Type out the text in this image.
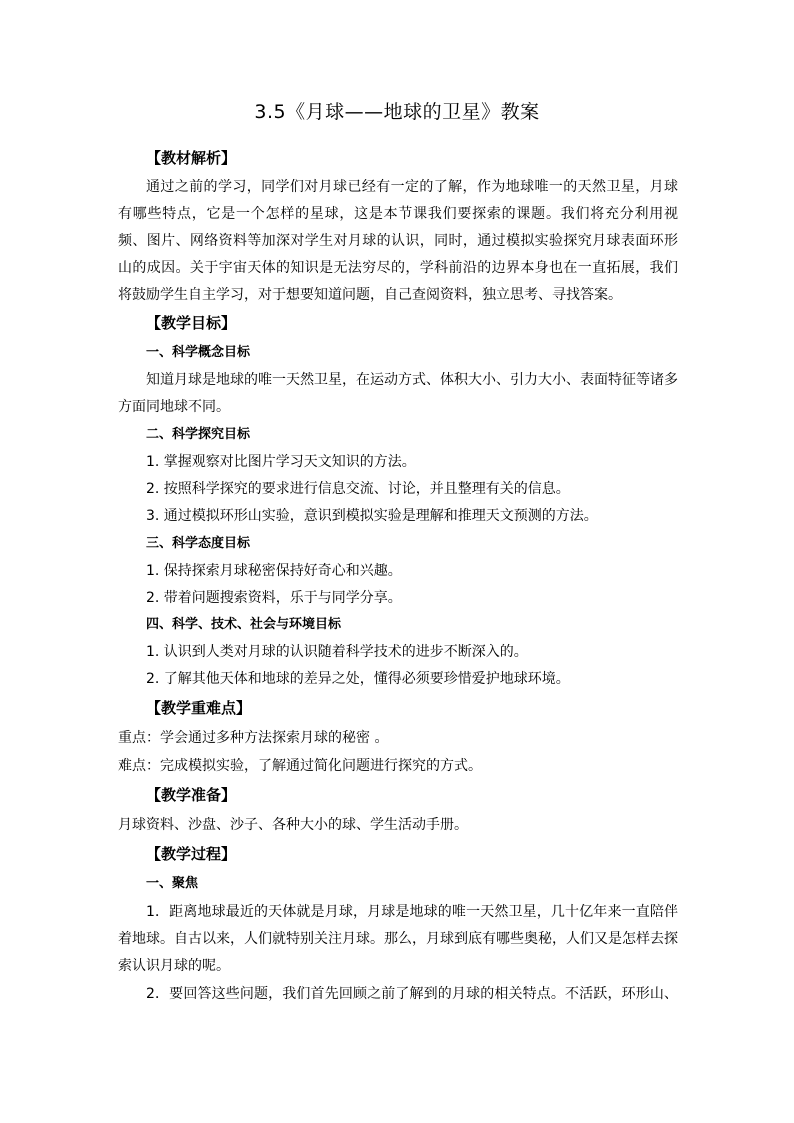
3.5《月球——地球的卫星》教案
【教材解析】
通过之前的学习，同学们对月球已经有一定的了解，作为地球唯一的天然卫星，月球
有哪些特点，它是一个怎样的星球，这是本节课我们要探索的课题。我们将充分利用视
频、图片、网络资料等加深对学生对月球的认识，同时，通过模拟实验探究月球表面环形
山的成因。关于宇宙天体的知识是无法穷尽的，学科前沿的边界本身也在一直拓展，我们
将鼓励学生自主学习，对于想要知道问题，自己查阅资料，独立思考、寻找答案。
【教学目标】
一、科学概念目标
知道月球是地球的唯一天然卫星，在运动方式、体积大小、引力大小、表面特征等诸多
方面同地球不同。
二、科学探究目标
1. 掌握观察对比图片学习天文知识的方法。
2. 按照科学探究的要求进行信息交流、讨论，并且整理有关的信息。
3. 通过模拟环形山实验，意识到模拟实验是理解和推理天文预测的方法。
三、科学态度目标
1. 保持探索月球秘密保持好奇心和兴趣。
2. 带着问题搜索资料，乐于与同学分享。
四、科学、技术、社会与环境目标
1. 认识到人类对月球的认识随着科学技术的进步不断深入的。
2. 了解其他天体和地球的差异之处，懂得必须要珍惜爱护地球环境。
【教学重难点】
重点：学会通过多种方法探索月球的秘密 。
难点：完成模拟实验，了解通过简化问题进行探究的方式。
【教学准备】
月球资料、沙盘、沙子、各种大小的球、学生活动手册。
【教学过程】
一、聚焦
1．距离地球最近的天体就是月球，月球是地球的唯一天然卫星，几十亿年来一直陪伴
着地球。自古以来，人们就特别关注月球。那么，月球到底有哪些奥秘，人们又是怎样去探
索认识月球的呢。
2．要回答这些问题，我们首先回顾之前了解到的月球的相关特点。不活跃，环形山、
